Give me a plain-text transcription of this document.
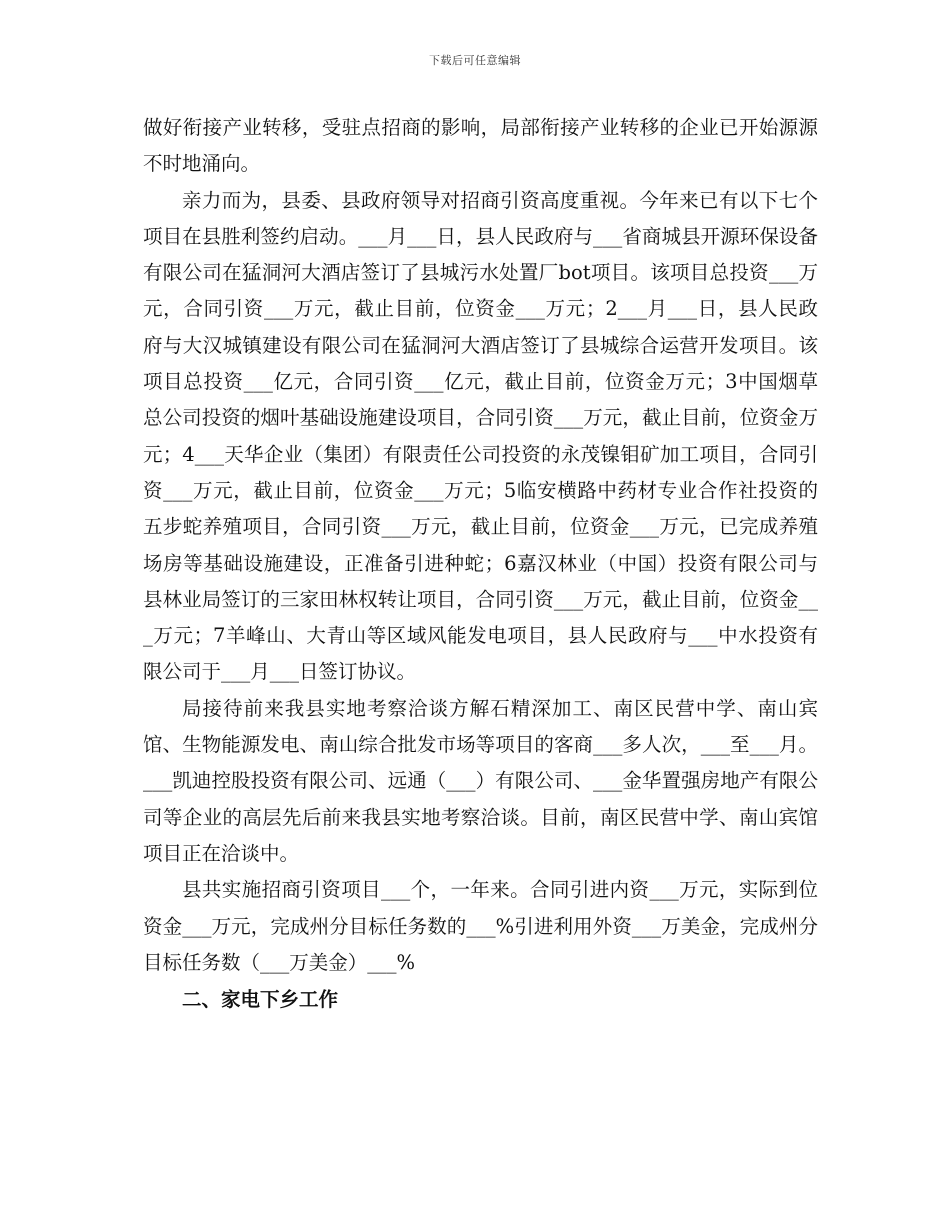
下载后可任意编辑

做好衔接产业转移，受驻点招商的影响，局部衔接产业转移的企业已开始源源不时地涌向。

亲力而为，县委、县政府领导对招商引资高度重视。今年来已有以下七个项目在县胜利签约启动。___月___日，县人民政府与___省商城县开源环保设备有限公司在猛洞河大酒店签订了县城污水处置厂bot项目。该项目总投资___万元，合同引资___万元，截止目前，位资金___万元；2___月___日，县人民政府与大汉城镇建设有限公司在猛洞河大酒店签订了县城综合运营开发项目。该项目总投资___亿元，合同引资___亿元，截止目前，位资金万元；3中国烟草总公司投资的烟叶基础设施建设项目，合同引资___万元，截止目前，位资金万元；4___天华企业（集团）有限责任公司投资的永茂镍钼矿加工项目，合同引资___万元，截止目前，位资金___万元；5临安横路中药材专业合作社投资的五步蛇养殖项目，合同引资___万元，截止目前，位资金___万元，已完成养殖场房等基础设施建设，正准备引进种蛇；6嘉汉林业（中国）投资有限公司与县林业局签订的三家田林权转让项目，合同引资___万元，截止目前，位资金___万元；7羊峰山、大青山等区域风能发电项目，县人民政府与___中水投资有限公司于___月___日签订协议。

局接待前来我县实地考察洽谈方解石精深加工、南区民营中学、南山宾馆、生物能源发电、南山综合批发市场等项目的客商___多人次，___至___月。___凯迪控股投资有限公司、远通（___）有限公司、___金华置强房地产有限公司等企业的高层先后前来我县实地考察洽谈。目前，南区民营中学、南山宾馆项目正在洽谈中。

县共实施招商引资项目___个，一年来。合同引进内资___万元，实际到位资金___万元，完成州分目标任务数的___%引进利用外资___万美金，完成州分目标任务数（___万美金）___%

二、家电下乡工作
